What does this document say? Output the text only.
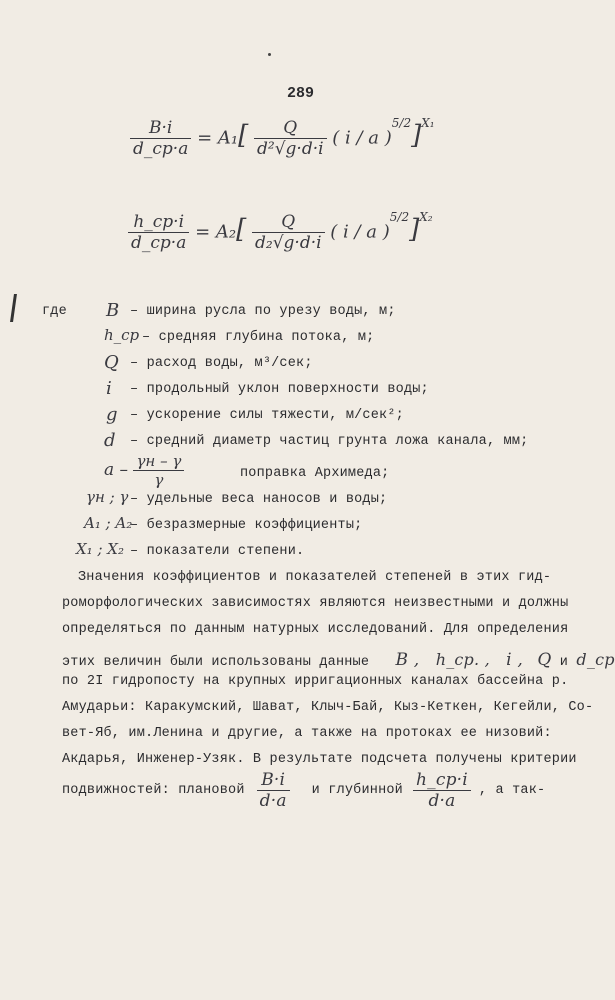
289
$\frac{B\cdot i}{d\_cp\cdot a} = A_1[ \frac{Q}{\text{d²√g·d·i}}$ ( i / a )$^{5/2}$]$^{X_1}$
$\frac{h\_cp\cdot i}{d\_cp\cdot a} = A_2[ \frac{Q}{\text{d₂√g·d·i}}$ ( i / a )$^{5/2}$]$^{X_2}$
где B – ширина русла по урезу воды, м;
h_cp – средняя глубина потока, м;
Q – расход воды, м³/сек;
i – продольный уклон поверхности воды;
g – ускорение силы тяжести, м/сек²;
d – средний диаметр частиц грунта ложа канала, мм;
a – $\frac{\gamma н - \gamma}{\gamma}$	поправка Архимеда;
γн ; γ – удельные веса наносов и воды;
A₁ ; A₂
– безразмерные коэффициенты;
X₁ ; X₂ – показатели степени.
Значения коэффициентов и показателей степеней в этих гид-
роморфологических зависимостях являются неизвестными и должны
определяться по данным натурных исследований. Для определения
этих величин были использованы данные B , h_cp. , i , Q и d_cp
по 2I гидропосту на крупных ирригационных каналах бассейна р.
Амударьи: Каракумский, Шават, Клыч-Бай, Кыз-Кеткен, Кегейли, Со-
вет-Яб, им.Ленина и другие, а также на протоках ее низовий:
Акдарья, Инженер-Узяк. В результате подсчета получены критерии
подвижностей: плановой $\frac{B\cdot i}{d\cdot a}$ и глубинной $\frac{h\_cp\cdot i}{d\cdot a}$ , а так-
